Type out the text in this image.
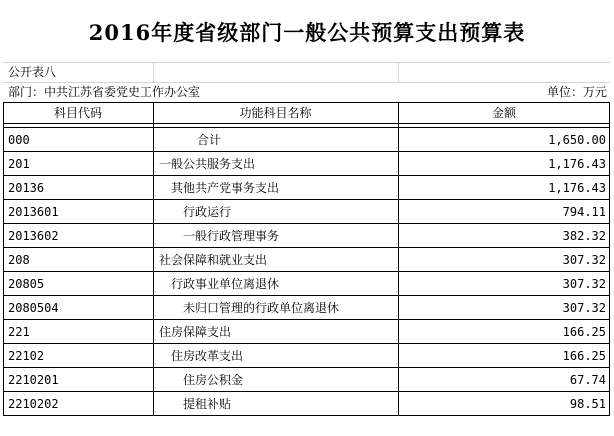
2016年度省级部门一般公共预算支出预算表
公开表八
部门：中共江苏省委党史工作办公室	单位：万元
科目代码	功能科目名称	金额
000	合计	1,650.00
201	一般公共服务支出	1,176.43
20136	其他共产党事务支出	1,176.43
2013601	行政运行	794.11
2013602	一般行政管理事务	382.32
208	社会保障和就业支出	307.32
20805	行政事业单位离退休	307.32
2080504	未归口管理的行政单位离退休	307.32
221	住房保障支出	166.25
22102	住房改革支出	166.25
2210201	住房公积金	67.74
2210202	提租补贴	98.51
